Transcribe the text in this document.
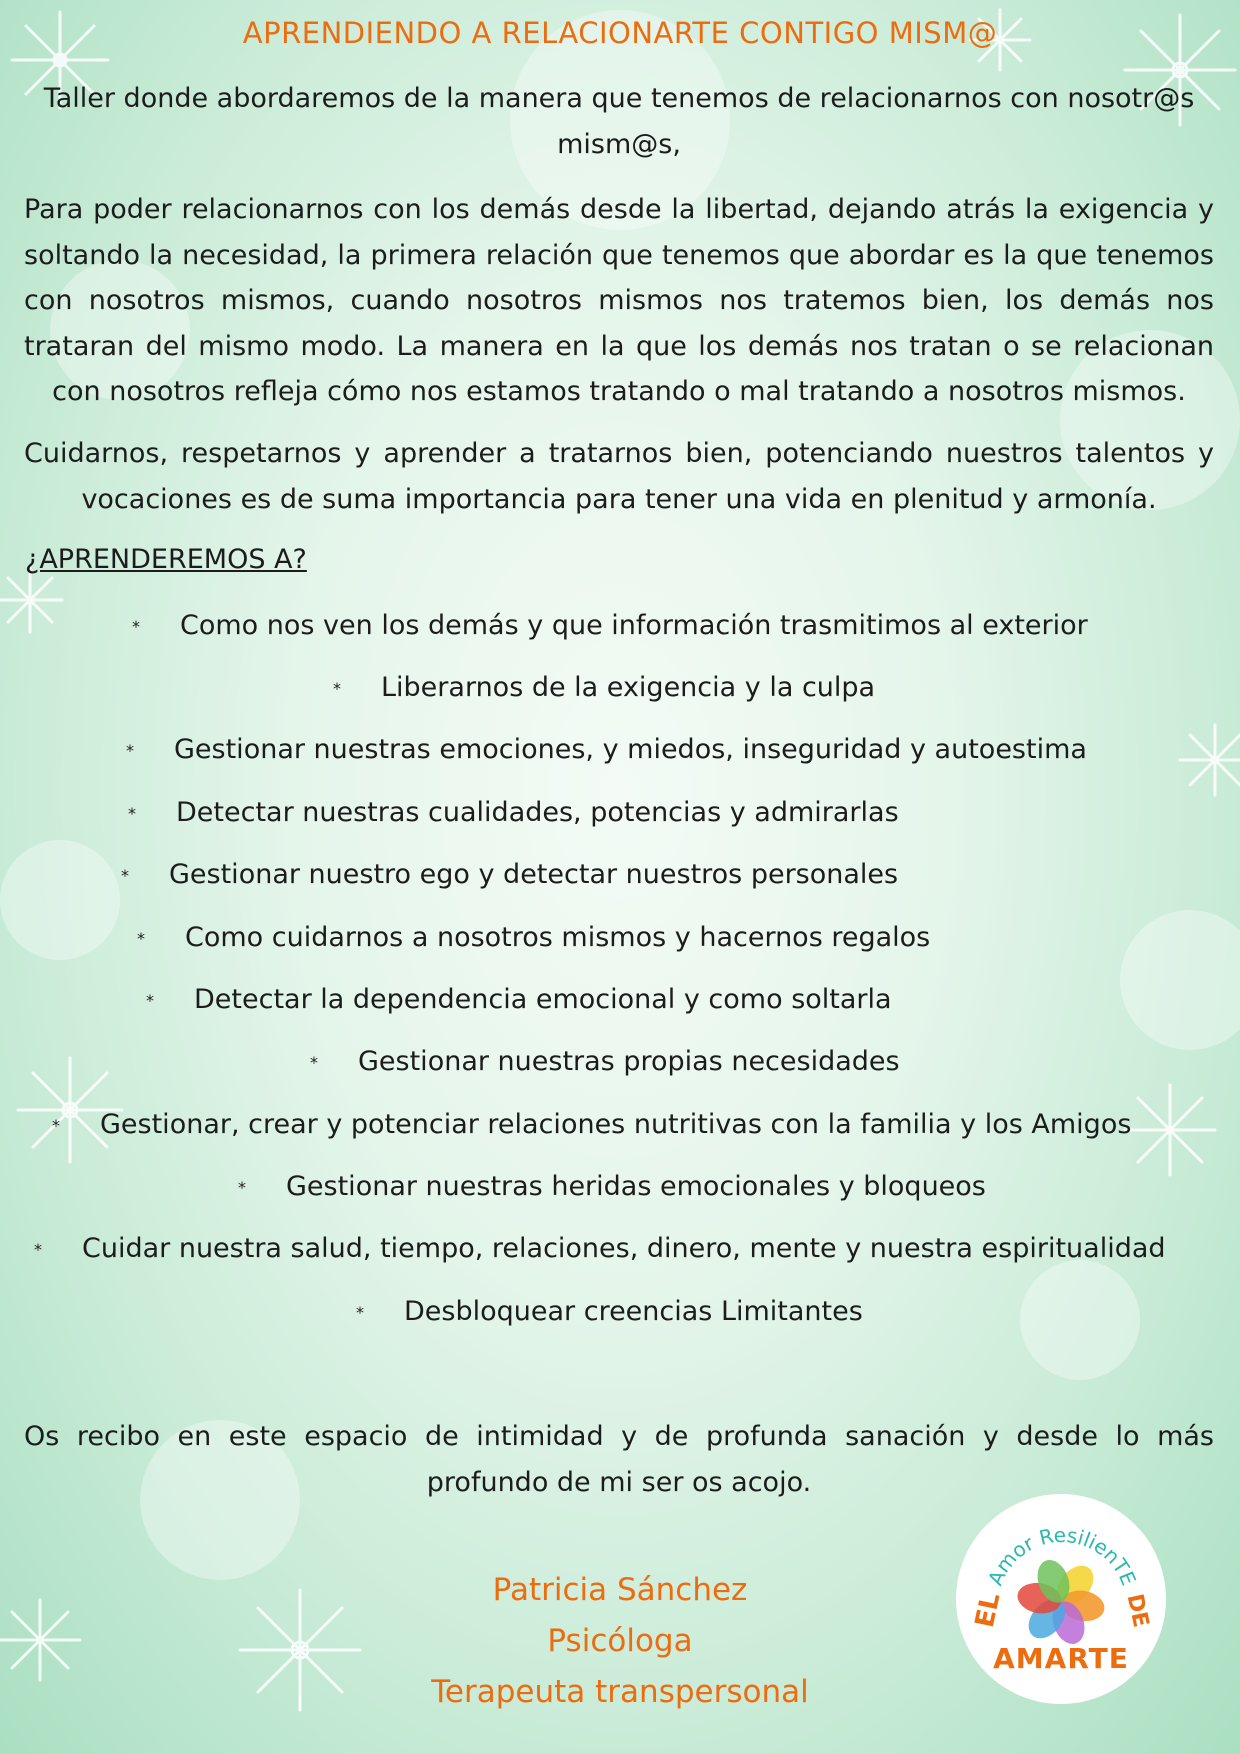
APRENDIENDO A RELACIONARTE CONTIGO MISM@

Taller donde abordaremos de la manera que tenemos de relacionarnos con nosotr@s mism@s,

Para poder relacionarnos con los demás desde la libertad, dejando atrás la exigencia y soltando la necesidad, la primera relación que tenemos que abordar es la que tenemos con nosotros mismos, cuando nosotros mismos nos tratemos bien, los demás nos trataran del mismo modo. La manera en la que los demás nos tratan o se relacionan con nosotros refleja cómo nos estamos tratando o mal tratando a nosotros mismos.

Cuidarnos, respetarnos y aprender a tratarnos bien, potenciando nuestros talentos y vocaciones es de suma importancia para tener una vida en plenitud y armonía.

¿APRENDEREMOS A?
* Como nos ven los demás y que información trasmitimos al exterior
* Liberarnos de la exigencia y la culpa
* Gestionar nuestras emociones, y miedos, inseguridad y autoestima
* Detectar nuestras cualidades, potencias y admirarlas
* Gestionar nuestro ego y detectar nuestros personales
* Como cuidarnos a nosotros mismos y hacernos regalos
* Detectar la dependencia emocional y como soltarla
* Gestionar nuestras propias necesidades
* Gestionar, crear y potenciar relaciones nutritivas con la familia y los Amigos
* Gestionar nuestras heridas emocionales y bloqueos
* Cuidar nuestra salud, tiempo, relaciones, dinero, mente y nuestra espiritualidad
* Desbloquear creencias Limitantes

Os recibo en este espacio de intimidad y de profunda sanación y desde lo más profundo de mi ser os acojo.

Patricia Sánchez

Psicóloga

Terapeuta transpersonal

Amor ResilienTE
EL	DE
AMARTE
